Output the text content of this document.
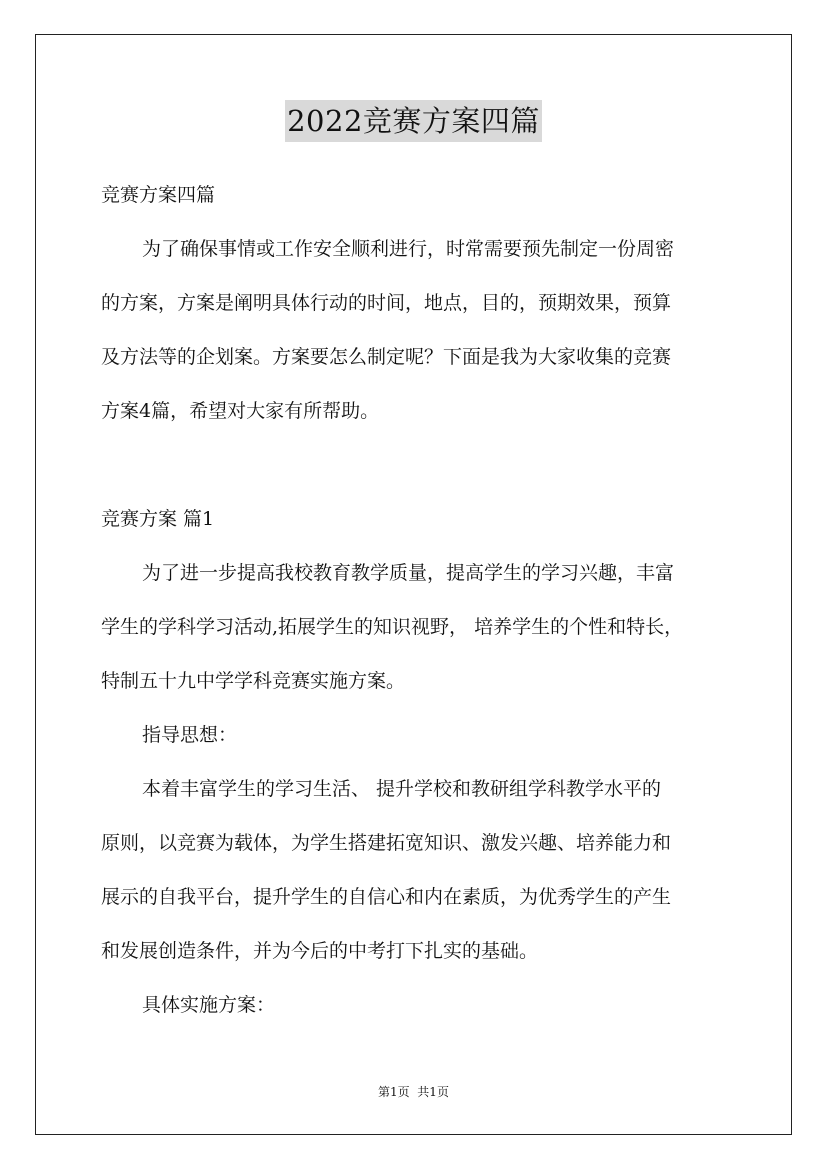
2022竞赛方案四篇
竞赛方案四篇
为了确保事情或工作安全顺利进行，时常需要预先制定一份周密
的方案，方案是阐明具体行动的时间，地点，目的，预期效果，预算
及方法等的企划案。方案要怎么制定呢？下面是我为大家收集的竞赛
方案4篇，希望对大家有所帮助。
竞赛方案 篇1
为了进一步提高我校教育教学质量，提高学生的学习兴趣，丰富
学生的学科学习活动,拓展学生的知识视野， 培养学生的个性和特长，
特制五十九中学学科竞赛实施方案。
指导思想：
本着丰富学生的学习生活、 提升学校和教研组学科教学水平的
原则，以竞赛为载体，为学生搭建拓宽知识、激发兴趣、培养能力和
展示的自我平台，提升学生的自信心和内在素质，为优秀学生的产生
和发展创造条件，并为今后的中考打下扎实的基础。
具体实施方案：
第1页  共1页
